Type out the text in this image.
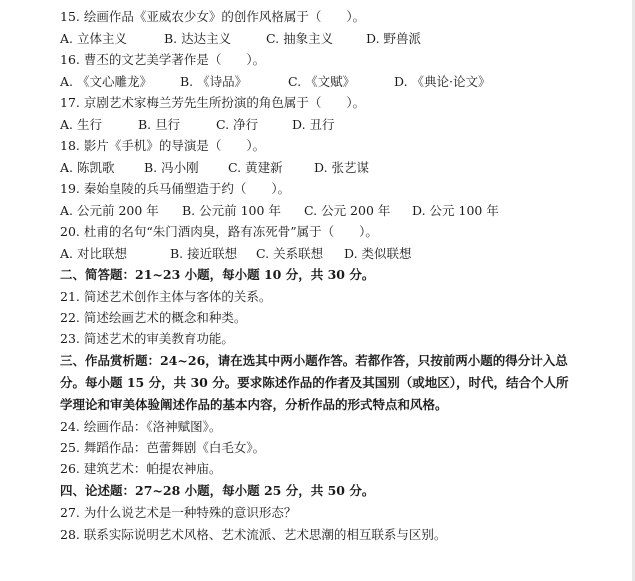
15. 绘画作品《亚威农少女》的创作风格属于（　　）。
A. 立体主义	B. 达达主义	C. 抽象主义	D. 野兽派
16. 曹丕的文艺美学著作是（　　）。
A. 《文心雕龙》 B. 《诗品》	C. 《文赋》	D. 《典论·论文》
17. 京剧艺术家梅兰芳先生所扮演的角色属于（　　）。
A. 生行	B. 旦行	C. 净行	D. 丑行
18. 影片《手机》的导演是（　　）。
A. 陈凯歌 B. 冯小刚 C. 黄建新	D. 张艺谋
19. 秦始皇陵的兵马俑塑造于约（　　）。
A. 公元前 200 年 B. 公元前 100 年 C. 公元 200 年 D. 公元 100 年
20. 杜甫的名句“朱门酒肉臭，路有冻死骨”属于（　　）。
A. 对比联想	B. 接近联想 C. 关系联想 D. 类似联想
二、简答题：21~23 小题，每小题 10 分，共 30 分。
21. 简述艺术创作主体与客体的关系。
22. 简述绘画艺术的概念和种类。
23. 简述艺术的审美教育功能。
三、作品赏析题：24~26，请在选其中两小题作答。若都作答，只按前两小题的得分计入总
分。每小题 15 分，共 30 分。要求陈述作品的作者及其国别（或地区），时代，结合个人所
学理论和审美体验阐述作品的基本内容，分析作品的形式特点和风格。
24. 绘画作品：《洛神赋图》。
25. 舞蹈作品：芭蕾舞剧《白毛女》。
26. 建筑艺术：帕提农神庙。
四、论述题：27~28 小题，每小题 25 分，共 50 分。
27. 为什么说艺术是一种特殊的意识形态？
28. 联系实际说明艺术风格、艺术流派、艺术思潮的相互联系与区别。
